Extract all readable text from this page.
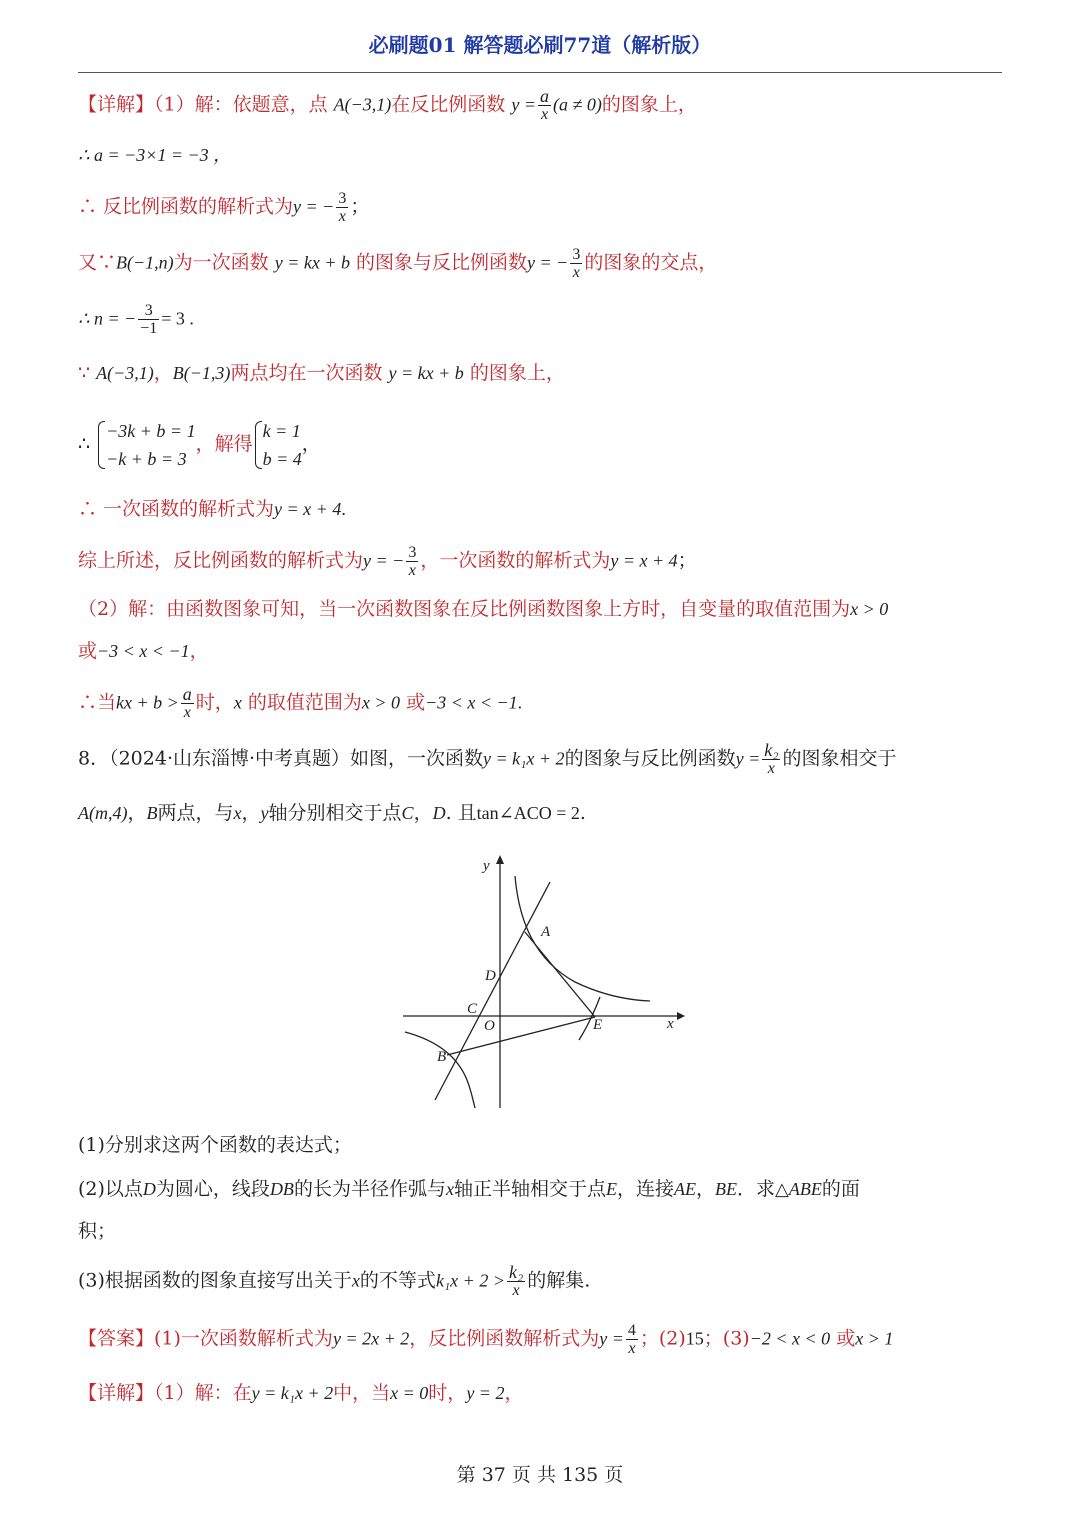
必刷题01 解答题必刷77道（解析版）
【详解】（1）解：依题意，点 A(−3,1)在反比例函数 $y = \frac{a}{x} (a \ne 0)$的图象上，
∴ a = −3×1 = −3 ，
∴ 反比例函数的解析式为y = − $\frac{3}{x}$ ；
又∵B(−1,n)为一次函数 y = kx + b 的图象与反比例函数y = − $\frac{3}{x}$ 的图象的交点，
∴ n = − $\frac{3}{-1} = 3$ .
∵ A(−3,1)，B(−1,3)两点均在一次函数 y = kx + b 的图象上，
∴
−3k + b = 1
−k + b = 3
，解得
k = 1
b = 4
，
∴ 一次函数的解析式为y = x + 4.
综上所述，反比例函数的解析式为y = − $\frac{3}{x}$ ，一次函数的解析式为y = x + 4；
（2）解：由函数图象可知，当一次函数图象在反比例函数图象上方时，自变量的取值范围为x > 0
或−3 < x < −1，
∴当kx + $b > \frac{a}{x}$ 时，x 的取值范围为x > 0 或−3 < x < −1.
8．（2024·山东淄博·中考真题）如图，一次函数y = k₁x + 2的图象与反比例函数$y = \frac{\text{k₂}}{x}$ 的图象相交于
A(m,4)，B两点，与x，y轴分别相交于点C，D. 且tan∠ACO = 2.
y
x
A
D
C
O	E
B
(1)分别求这两个函数的表达式；
(2)以点D为圆心，线段DB的长为半径作弧与x轴正半轴相交于点E，连接AE，BE．求△ABE的面
积；
(3)根据函数的图象直接写出关于x的不等式$k_1x + 2 > \frac{\text{k₂}}{x}$ 的解集.
【答案】(1)一次函数解析式为y = 2x + 2，反比例函数解析式为$y = \frac{4}{x}$ ；(2)15；(3)−2 < x < 0 或x > 1
【详解】（1）解：在y = k₁x + 2中，当x = 0时，y = 2，
第 37 页 共 135 页
